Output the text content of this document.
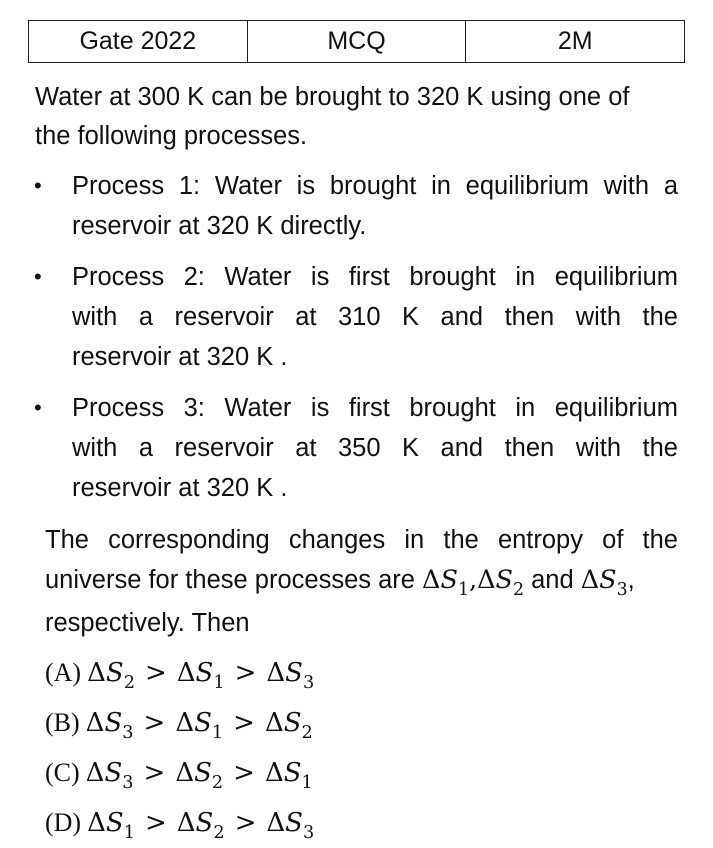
Gate 2022	MCQ	2M
Water at 300 K can be brought to 320 K using one of
the following processes.
• Process 1: Water is brought in equilibrium with a
reservoir at 320 K directly.
• Process 2: Water is first brought in equilibrium
with a reservoir at 310 K and then with the
reservoir at 320 K .
• Process 3: Water is first brought in equilibrium
with a reservoir at 350 K and then with the
reservoir at 320 K .
The corresponding changes in the entropy of the
universe for these processes are $\Delta S_1,\Delta S_2$ and $\Delta S_3$,
respectively. Then
(A) $\Delta S_2 > \Delta S_1 > \Delta S_3$
(B) $\Delta S_3 > \Delta S_1 > \Delta S_2$
(C) $\Delta S_3 > \Delta S_2 > \Delta S_1$
(D) $\Delta S_1 > \Delta S_2 > \Delta S_3$
